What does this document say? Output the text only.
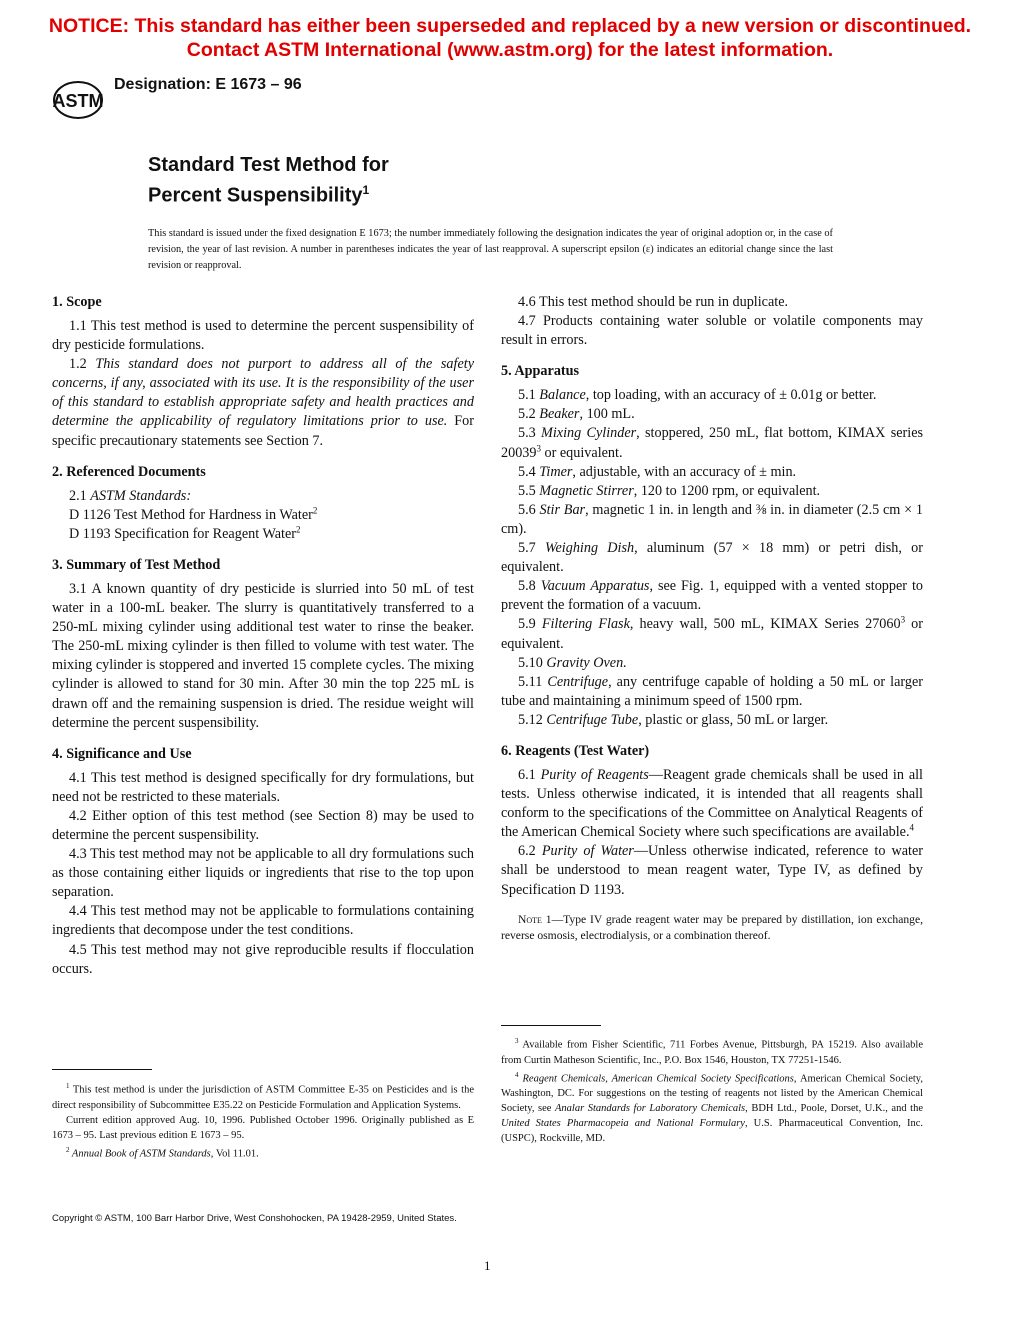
NOTICE: This standard has either been superseded and replaced by a new version or discontinued.
Contact ASTM International (www.astm.org) for the latest information.
ASTM
Designation: E 1673 – 96
Standard Test Method for
Percent Suspensibility$^1$
This standard is issued under the fixed designation E 1673; the number immediately following the designation indicates the year of original adoption or, in the case of revision, the year of last revision. A number in parentheses indicates the year of last reapproval. A superscript epsilon (ε) indicates an editorial change since the last revision or reapproval.
1. Scope

1.1 This test method is used to determine the percent suspensibility of dry pesticide formulations.

1.2 This standard does not purport to address all of the safety concerns, if any, associated with its use. It is the responsibility of the user of this standard to establish appropriate safety and health practices and determine the applicability of regulatory limitations prior to use. For specific precautionary statements see Section 7.

2. Referenced Documents

2.1 ASTM Standards:

D 1126 Test Method for Hardness in Water$^2$

D 1193 Specification for Reagent Water$^2$

3. Summary of Test Method

3.1 A known quantity of dry pesticide is slurried into 50 mL of test water in a 100-mL beaker. The slurry is quantitatively transferred to a 250-mL mixing cylinder using additional test water to rinse the beaker. The 250-mL mixing cylinder is then filled to volume with test water. The mixing cylinder is stoppered and inverted 15 complete cycles. The mixing cylinder is allowed to stand for 30 min. After 30 min the top 225 mL is drawn off and the remaining suspension is dried. The residue weight will determine the percent suspensibility.

4. Significance and Use

4.1 This test method is designed specifically for dry formulations, but need not be restricted to these materials.

4.2 Either option of this test method (see Section 8) may be used to determine the percent suspensibility.

4.3 This test method may not be applicable to all dry formulations such as those containing either liquids or ingredients that rise to the top upon separation.

4.4 This test method may not be applicable to formulations containing ingredients that decompose under the test conditions.

4.5 This test method may not give reproducible results if flocculation occurs.

4.6 This test method should be run in duplicate.

4.7 Products containing water soluble or volatile components may result in errors.

5. Apparatus

5.1 Balance, top loading, with an accuracy of ± 0.01g or better.

5.2 Beaker, 100 mL.

5.3 Mixing Cylinder, stoppered, 250 mL, flat bottom, KIMAX series 20039$^3$ or equivalent.

5.4 Timer, adjustable, with an accuracy of ± min.

5.5 Magnetic Stirrer, 120 to 1200 rpm, or equivalent.

5.6 Stir Bar, magnetic 1 in. in length and ⅜ in. in diameter (2.5 cm × 1 cm).

5.7 Weighing Dish, aluminum (57 × 18 mm) or petri dish, or equivalent.

5.8 Vacuum Apparatus, see Fig. 1, equipped with a vented stopper to prevent the formation of a vacuum.

5.9 Filtering Flask, heavy wall, 500 mL, KIMAX Series 27060$^3$ or equivalent.

5.10 Gravity Oven.

5.11 Centrifuge, any centrifuge capable of holding a 50 mL or larger tube and maintaining a minimum speed of 1500 rpm.

5.12 Centrifuge Tube, plastic or glass, 50 mL or larger.

6. Reagents (Test Water)

6.1 Purity of Reagents—Reagent grade chemicals shall be used in all tests. Unless otherwise indicated, it is intended that all reagents shall conform to the specifications of the Committee on Analytical Reagents of the American Chemical Society where such specifications are available.$^4$

6.2 Purity of Water—Unless otherwise indicated, reference to water shall be understood to mean reagent water, Type IV, as defined by Specification D 1193.

Note 1—Type IV grade reagent water may be prepared by distillation, ion exchange, reverse osmosis, electrodialysis, or a combination thereof.

$^1$ This test method is under the jurisdiction of ASTM Committee E-35 on Pesticides and is the direct responsibility of Subcommittee E35.22 on Pesticide Formulation and Application Systems.

Current edition approved Aug. 10, 1996. Published October 1996. Originally published as E 1673 – 95. Last previous edition E 1673 – 95.

$^2$ Annual Book of ASTM Standards, Vol 11.01.

$^3$ Available from Fisher Scientific, 711 Forbes Avenue, Pittsburgh, PA 15219. Also available from Curtin Matheson Scientific, Inc., P.O. Box 1546, Houston, TX 77251-1546.

$^4$ Reagent Chemicals, American Chemical Society Specifications, American Chemical Society, Washington, DC. For suggestions on the testing of reagents not listed by the American Chemical Society, see Analar Standards for Laboratory Chemicals, BDH Ltd., Poole, Dorset, U.K., and the United States Pharmacopeia and National Formulary, U.S. Pharmaceutical Convention, Inc. (USPC), Rockville, MD.

Copyright © ASTM, 100 Barr Harbor Drive, West Conshohocken, PA 19428-2959, United States.
1
